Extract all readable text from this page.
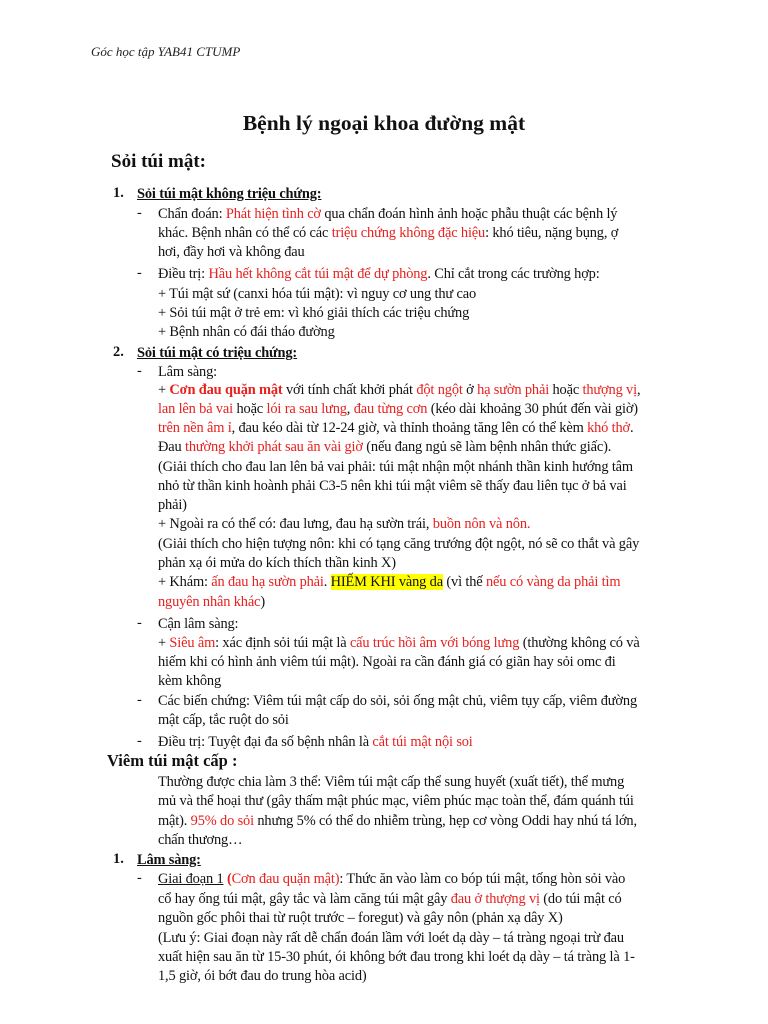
Góc học tập YAB41 CTUMP
Bệnh lý ngoại khoa đường mật
Sỏi túi mật:
1. Sỏi túi mật không triệu chứng:
2. Sỏi túi mật có triệu chứng:
Viêm túi mật cấp :
1. Lâm sàng:
- Chẩn đoán: Phát hiện tình cờ qua chẩn đoán hình ảnh hoặc phẫu thuật các bệnh lý
khác. Bệnh nhân có thể có các triệu chứng không đặc hiệu: khó tiêu, nặng bụng, ợ
hơi, đầy hơi và không đau
- Điều trị: Hầu hết không cắt túi mật để dự phòng. Chỉ cắt trong các trường hợp:
+ Túi mật sứ (canxi hóa túi mật): vì nguy cơ ung thư cao
+ Sỏi túi mật ở trẻ em: vì khó giải thích các triệu chứng
+ Bệnh nhân có đái tháo đường
- Lâm sàng:
+ Cơn đau quặn mật với tính chất khởi phát đột ngột ở hạ sườn phải hoặc thượng vị,
lan lên bả vai hoặc lói ra sau lưng, đau từng cơn (kéo dài khoảng 30 phút đến vài giờ)
trên nền âm ỉ, đau kéo dài từ 12-24 giờ, và thỉnh thoảng tăng lên có thể kèm khó thở.
Đau thường khởi phát sau ăn vài giờ (nếu đang ngủ sẽ làm bệnh nhân thức giấc).
(Giải thích cho đau lan lên bả vai phải: túi mật nhận một nhánh thần kinh hướng tâm
nhỏ từ thần kinh hoành phải C3-5 nên khi túi mật viêm sẽ thấy đau liên tục ở bả vai
phải)
+ Ngoài ra có thể có: đau lưng, đau hạ sườn trái, buồn nôn và nôn.
(Giải thích cho hiện tượng nôn: khi có tạng căng trướng đột ngột, nó sẽ co thắt và gây
phản xạ ói mửa do kích thích thần kinh X)
+ Khám: ấn đau hạ sườn phải. HIẾM KHI vàng da (vì thế nếu có vàng da phải tìm
nguyên nhân khác)
- Cận lâm sàng:
+ Siêu âm: xác định sỏi túi mật là cấu trúc hồi âm với bóng lưng (thường không có và
hiếm khi có hình ảnh viêm túi mật). Ngoài ra cần đánh giá có giãn hay sỏi omc đi
kèm không
- Các biến chứng: Viêm túi mật cấp do sỏi, sỏi ống mật chủ, viêm tụy cấp, viêm đường
mật cấp, tắc ruột do sỏi
- Điều trị: Tuyệt đại đa số bệnh nhân là cắt túi mật nội soi
Thường được chia làm 3 thể: Viêm túi mật cấp thể sung huyết (xuất tiết), thể mưng
mủ và thể hoại thư (gây thấm mật phúc mạc, viêm phúc mạc toàn thể, đám quánh túi
mật). 95% do sỏi nhưng 5% có thể do nhiễm trùng, hẹp cơ vòng Oddi hay nhú tá lớn,
chấn thương…
- Giai đoạn 1 (Cơn đau quặn mật): Thức ăn vào làm co bóp túi mật, tống hòn sỏi vào
cổ hay ống túi mật, gây tắc và làm căng túi mật gây đau ở thượng vị (do túi mật có
nguồn gốc phôi thai từ ruột trước – foregut) và gây nôn (phản xạ dây X)
(Lưu ý: Giai đoạn này rất dễ chẩn đoán lầm với loét dạ dày – tá tràng ngoại trừ đau
xuất hiện sau ăn từ 15-30 phút, ói không bớt đau trong khi loét dạ dày – tá tràng là 1-
1,5 giờ, ói bớt đau do trung hòa acid)
